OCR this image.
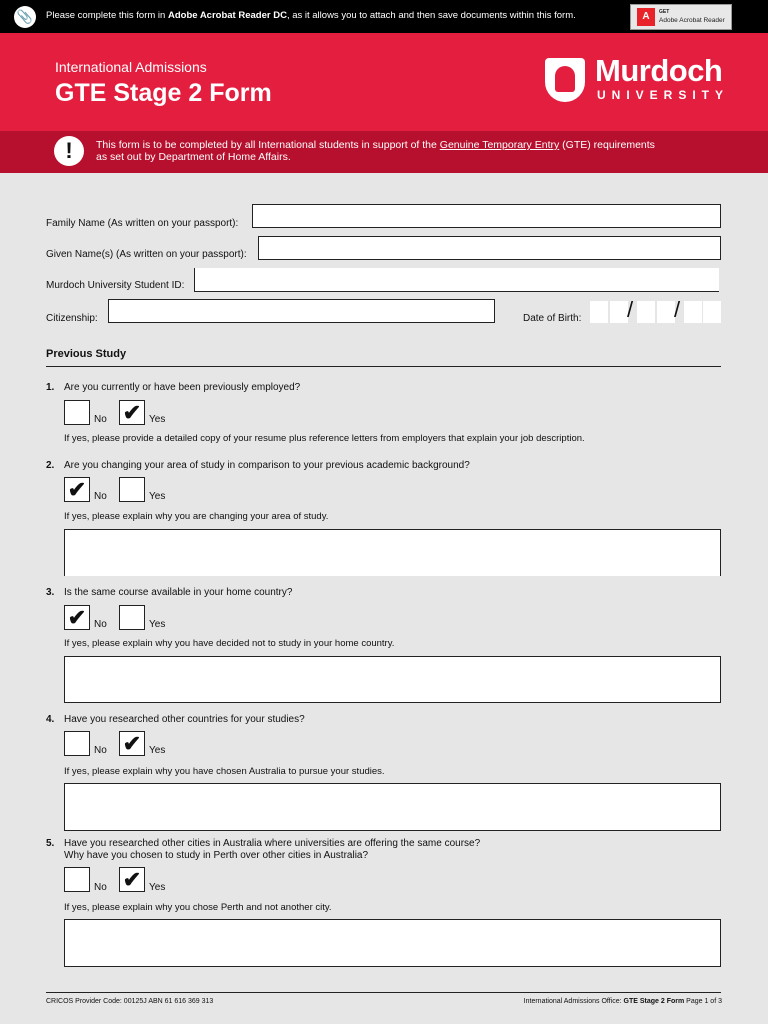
📎	Please complete this form in Adobe Acrobat Reader DC, as it allows you to attach and then save documents within this form.	A	GET
Adobe Acrobat Reader
International Admissions
GTE Stage 2 Form
Murdoch
UNIVERSITY
!	This form is to be completed by all International students in support of the Genuine Temporary Entry (GTE) requirements as set out by Department of Home Affairs.
Family Name (As written on your passport):
Given Name(s) (As written on your passport):
Murdoch University Student ID:
Citizenship:	Date of Birth: / /
Previous Study
1. Are you currently or have been previously employed?
No ✔ Yes
If yes, please provide a detailed copy of your resume plus reference letters from employers that explain your job description.
2. Are you changing your area of study in comparison to your previous academic background?
✔ No	Yes
If yes, please explain why you are changing your area of study.
3. Is the same course available in your home country?
✔ No	Yes
If yes, please explain why you have decided not to study in your home country.
4. Have you researched other countries for your studies?
No ✔ Yes
If yes, please explain why you have chosen Australia to pursue your studies.
5. Have you researched other cities in Australia where universities are offering the same course?
Why have you chosen to study in Perth over other cities in Australia?
No ✔ Yes
If yes, please explain why you chose Perth and not another city.
CRICOS Provider Code: 00125J ABN 61 616 369 313	International Admissions Office: GTE Stage 2 Form Page 1 of 3
